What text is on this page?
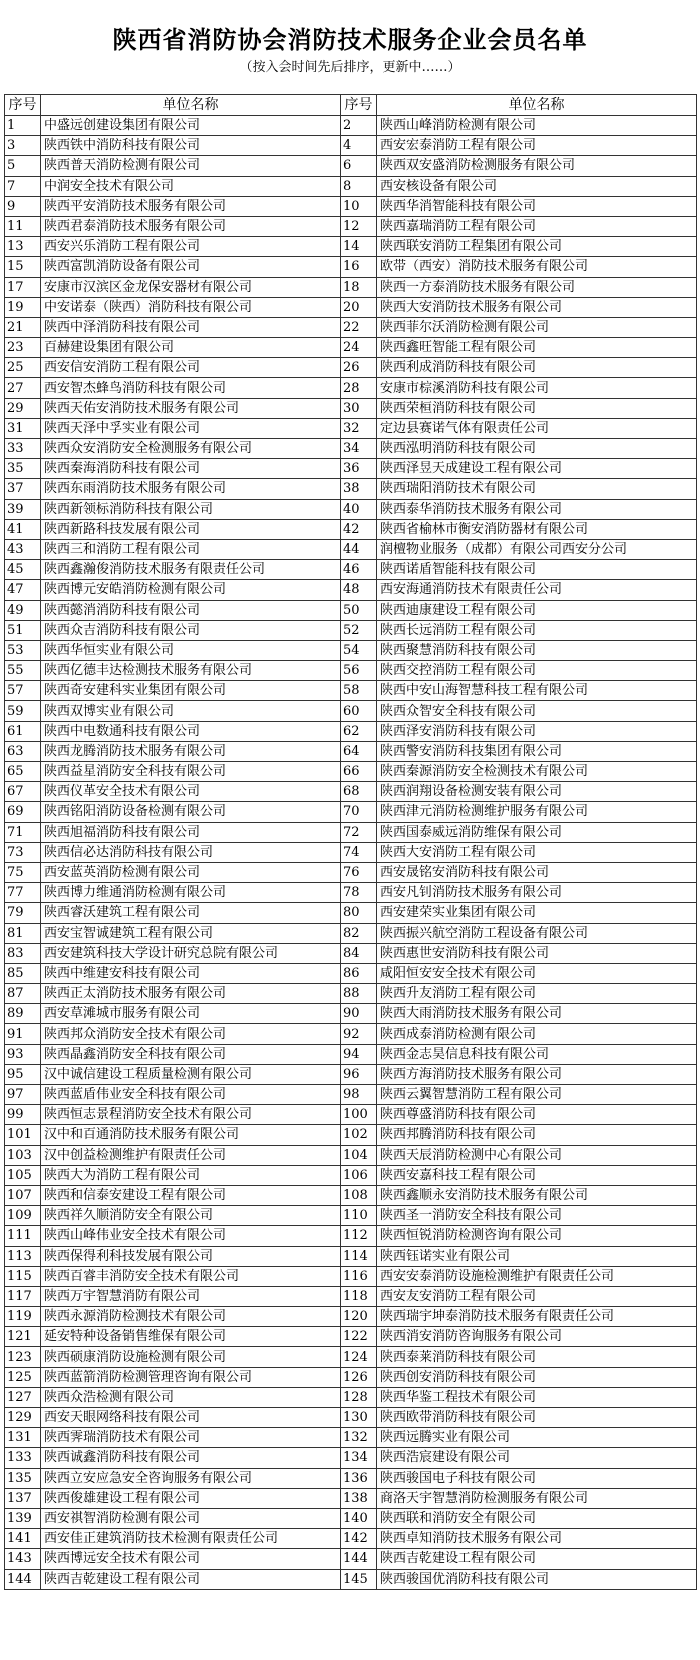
陕西省消防协会消防技术服务企业会员名单

（按入会时间先后排序，更新中……）

序号	单位名称	序号	单位名称
1	中盛远创建设集团有限公司	2	陕西山峰消防检测有限公司
3	陕西铁中消防科技有限公司	4	西安宏泰消防工程有限公司
5	陕西普天消防检测有限公司	6	陕西双安盛消防检测服务有限公司
7	中润安全技术有限公司	8	西安核设备有限公司
9	陕西平安消防技术服务有限公司	10	陕西华消智能科技有限公司
11	陕西君泰消防技术服务有限公司	12	陕西嘉瑞消防工程有限公司
13	西安兴乐消防工程有限公司	14	陕西联安消防工程集团有限公司
15	陕西富凯消防设备有限公司	16	欧带（西安）消防技术服务有限公司
17	安康市汉滨区金龙保安器材有限公司	18	陕西一方泰消防技术服务有限公司
19	中安诺泰（陕西）消防科技有限公司	20	陕西大安消防技术服务有限公司
21	陕西中泽消防科技有限公司	22	陕西菲尔沃消防检测有限公司
23	百赫建设集团有限公司	24	陕西鑫旺智能工程有限公司
25	西安信安消防工程有限公司	26	陕西利成消防科技有限公司
27	西安智杰蜂鸟消防科技有限公司	28	安康市棕溪消防科技有限公司
29	陕西天佑安消防技术服务有限公司	30	陕西荣桓消防科技有限公司
31	陕西天泽中孚实业有限公司	32	定边县赛诺气体有限责任公司
33	陕西众安消防安全检测服务有限公司	34	陕西泓明消防科技有限公司
35	陕西秦海消防科技有限公司	36	陕西泽昱天成建设工程有限公司
37	陕西东雨消防技术服务有限公司	38	陕西瑞阳消防技术有限公司
39	陕西新领标消防科技有限公司	40	陕西泰华消防技术服务有限公司
41	陕西新路科技发展有限公司	42	陕西省榆林市衡安消防器材有限公司
43	陕西三和消防工程有限公司	44	润檀物业服务（成都）有限公司西安分公司
45	陕西鑫瀚俊消防技术服务有限责任公司	46	陕西诺盾智能科技有限公司
47	陕西博元安皓消防检测有限公司	48	西安海通消防技术有限责任公司
49	陕西懿消消防科技有限公司	50	陕西迪康建设工程有限公司
51	陕西众吉消防科技有限公司	52	陕西长远消防工程有限公司
53	陕西华恒实业有限公司	54	陕西聚慧消防科技有限公司
55	陕西亿德丰达检测技术服务有限公司	56	陕西交控消防工程有限公司
57	陕西奇安建科实业集团有限公司	58	陕西中安山海智慧科技工程有限公司
59	陕西双博实业有限公司	60	陕西众智安全科技有限公司
61	陕西中电数通科技有限公司	62	陕西泽安消防科技有限公司
63	陕西龙腾消防技术服务有限公司	64	陕西警安消防科技集团有限公司
65	陕西益星消防安全科技有限公司	66	陕西秦源消防安全检测技术有限公司
67	陕西仪革安全技术有限公司	68	陕西润翔设备检测安装有限公司
69	陕西铭阳消防设备检测有限公司	70	陕西津元消防检测维护服务有限公司
71	陕西旭福消防科技有限公司	72	陕西国泰威远消防维保有限公司
73	陕西信必达消防科技有限公司	74	陕西大安消防工程有限公司
75	西安蓝英消防检测有限公司	76	西安晟铭安消防科技有限公司
77	陕西博力维通消防检测有限公司	78	西安凡钊消防技术服务有限公司
79	陕西睿沃建筑工程有限公司	80	西安建荣实业集团有限公司
81	西安宝智诚建筑工程有限公司	82	陕西振兴航空消防工程设备有限公司
83	西安建筑科技大学设计研究总院有限公司	84	陕西惠世安消防科技有限公司
85	陕西中维建安科技有限公司	86	咸阳恒安安全技术有限公司
87	陕西正太消防技术服务有限公司	88	陕西升友消防工程有限公司
89	西安草滩城市服务有限公司	90	陕西大雨消防技术服务有限公司
91	陕西邦众消防安全技术有限公司	92	陕西成泰消防检测有限公司
93	陕西晶鑫消防安全科技有限公司	94	陕西金志昊信息科技有限公司
95	汉中诚信建设工程质量检测有限公司	96	陕西方海消防技术服务有限公司
97	陕西蓝盾伟业安全科技有限公司	98	陕西云翼智慧消防工程有限公司
99	陕西恒志景程消防安全技术有限公司	100	陕西尊盛消防科技有限公司
101	汉中和百通消防技术服务有限公司	102	陕西邦腾消防科技有限公司
103	汉中创益检测维护有限责任公司	104	陕西天辰消防检测中心有限公司
105	陕西大为消防工程有限公司	106	陕西安嘉科技工程有限公司
107	陕西和信泰安建设工程有限公司	108	陕西鑫顺永安消防技术服务有限公司
109	陕西祥久顺消防安全有限公司	110	陕西圣一消防安全科技有限公司
111	陕西山峰伟业安全技术有限公司	112	陕西恒锐消防检测咨询有限公司
113	陕西保得利科技发展有限公司	114	陕西钰诺实业有限公司
115	陕西百睿丰消防安全技术有限公司	116	西安安泰消防设施检测维护有限责任公司
117	陕西万宇智慧消防有限公司	118	西安友安消防工程有限公司
119	陕西永源消防检测技术有限公司	120	陕西瑞宇坤泰消防技术服务有限责任公司
121	延安特种设备销售维保有限公司	122	陕西消安消防咨询服务有限公司
123	陕西硕康消防设施检测有限公司	124	陕西泰莱消防科技有限公司
125	陕西蓝箭消防检测管理咨询有限公司	126	陕西创安消防科技有限公司
127	陕西众浩检测有限公司	128	陕西华鉴工程技术有限公司
129	西安天眼网络科技有限公司	130	陕西欧带消防科技有限公司
131	陕西霁瑞消防技术有限公司	132	陕西远腾实业有限公司
133	陕西诚鑫消防科技有限公司	134	陕西浩宸建设有限公司
135	陕西立安应急安全咨询服务有限公司	136	陕西骏国电子科技有限公司
137	陕西俊雄建设工程有限公司	138	商洛天宇智慧消防检测服务有限公司
139	西安祺智消防检测有限公司	140	陕西联和消防安全有限公司
141	西安佳正建筑消防技术检测有限责任公司	142	陕西卓知消防技术服务有限公司
143	陕西博远安全技术有限公司	144	陕西吉乾建设工程有限公司
144	陕西吉乾建设工程有限公司	145	陕西骏国优消防科技有限公司
